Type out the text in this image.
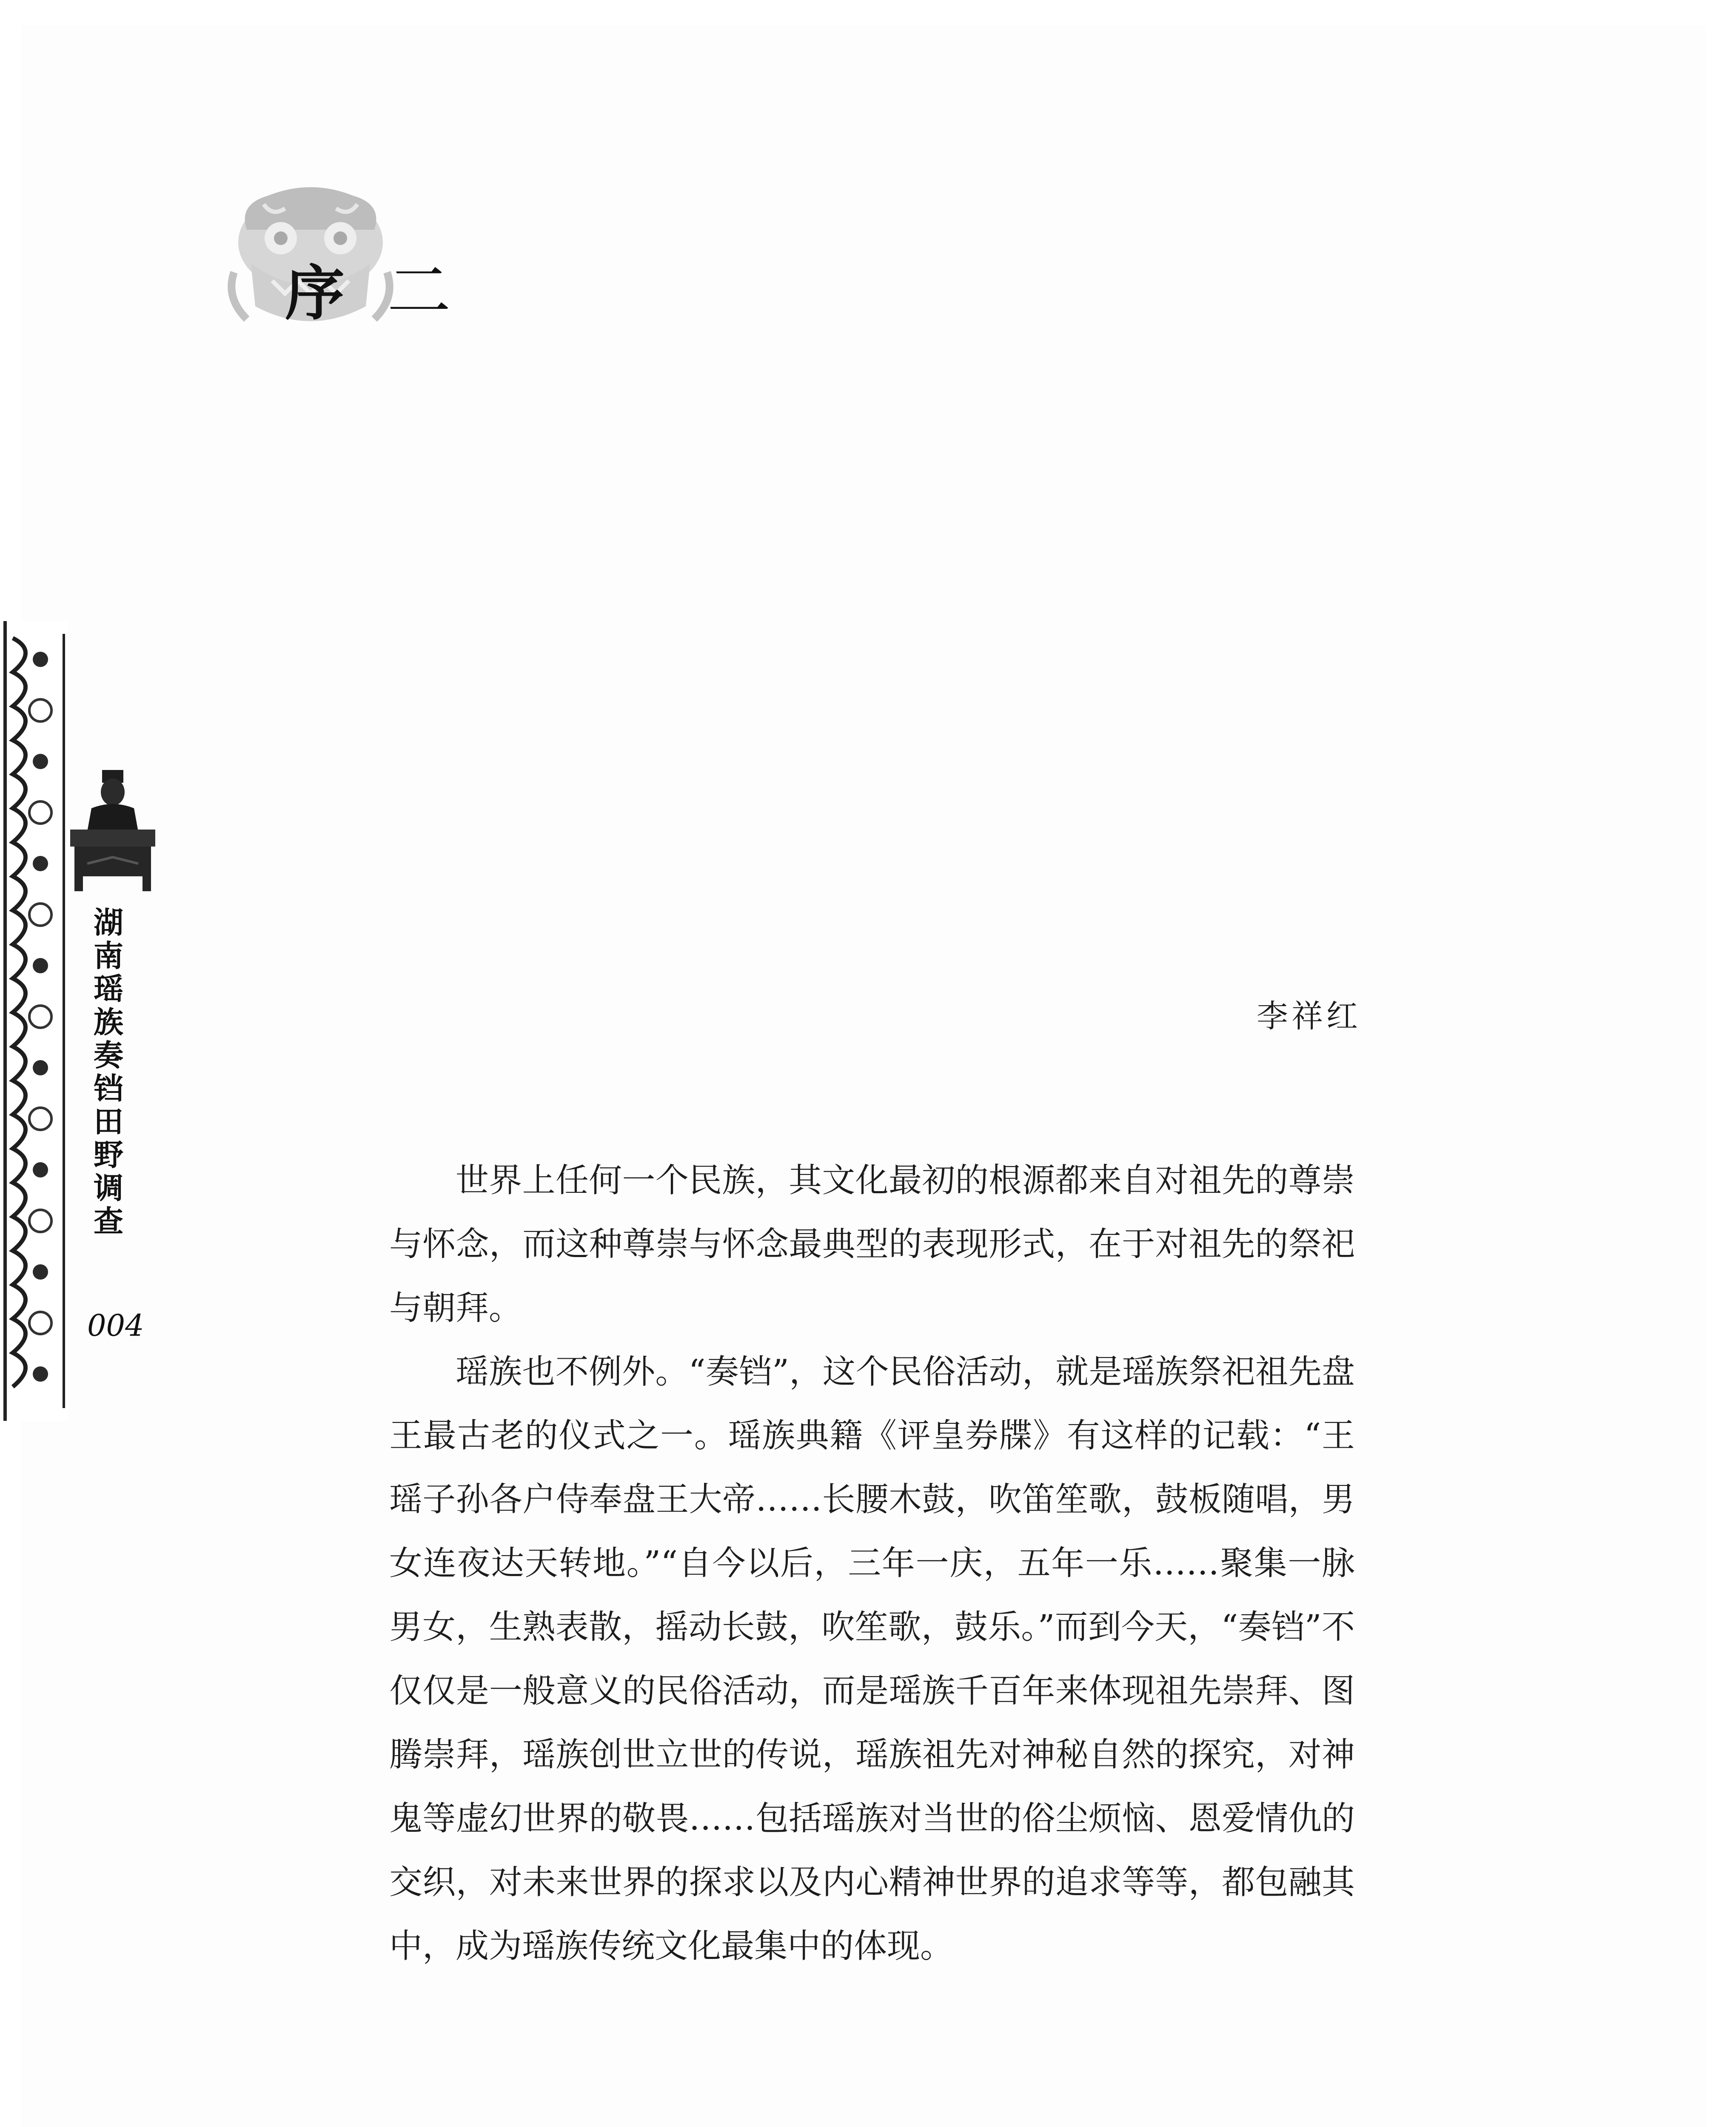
序 二
湖
南
瑶
族
奏
铛
田
野
调
查
004
李祥红

世界上任何一个民族，其文化最初的根源都来自对祖先的尊崇与怀念，而这种尊崇与怀念最典型的表现形式，在于对祖先的祭祀与朝拜。

瑶族也不例外。“奏铛”，这个民俗活动，就是瑶族祭祀祖先盘王最古老的仪式之一。瑶族典籍《评皇券牒》有这样的记载：“王瑶子孙各户侍奉盘王大帝……长腰木鼓，吹笛笙歌，鼓板随唱，男女连夜达天转地。”“自今以后，三年一庆，五年一乐……聚集一脉男女，生熟表散，摇动长鼓，吹笙歌，鼓乐。”而到今天，“奏铛”不仅仅是一般意义的民俗活动，而是瑶族千百年来体现祖先崇拜、图腾崇拜，瑶族创世立世的传说，瑶族祖先对神秘自然的探究，对神鬼等虚幻世界的敬畏……包括瑶族对当世的俗尘烦恼、恩爱情仇的交织，对未来世界的探求以及内心精神世界的追求等等，都包融其中，成为瑶族传统文化最集中的体现。
